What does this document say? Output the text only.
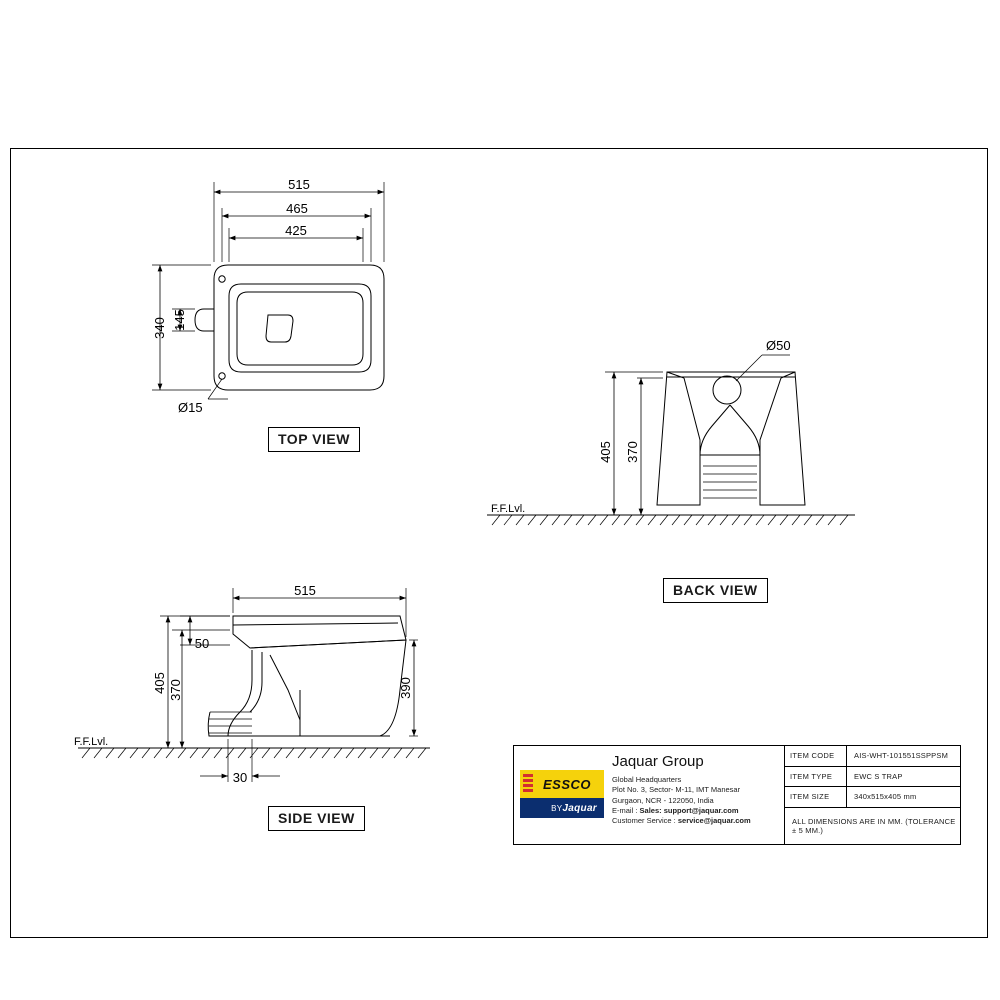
515
465
425
340 145
Ø15
Ø50
405 370
515
50
405 370	390
30
F.F.Lvl.
F.F.Lvl.
TOP VIEW
BACK VIEW
SIDE VIEW
ESSCO
BY Jaquar
Jaquar Group
Global Headquarters
Plot No. 3, Sector- M-11, IMT Manesar
Gurgaon, NCR - 122050, India
E-mail : Sales: support@jaquar.com
Customer Service : service@jaquar.com
ITEM CODE	AIS-WHT-101551SSPPSM
ITEM TYPE	EWC S TRAP
ITEM SIZE	340x515x405 mm
ALL DIMENSIONS ARE IN MM. (TOLERANCE ± 5 MM.)
